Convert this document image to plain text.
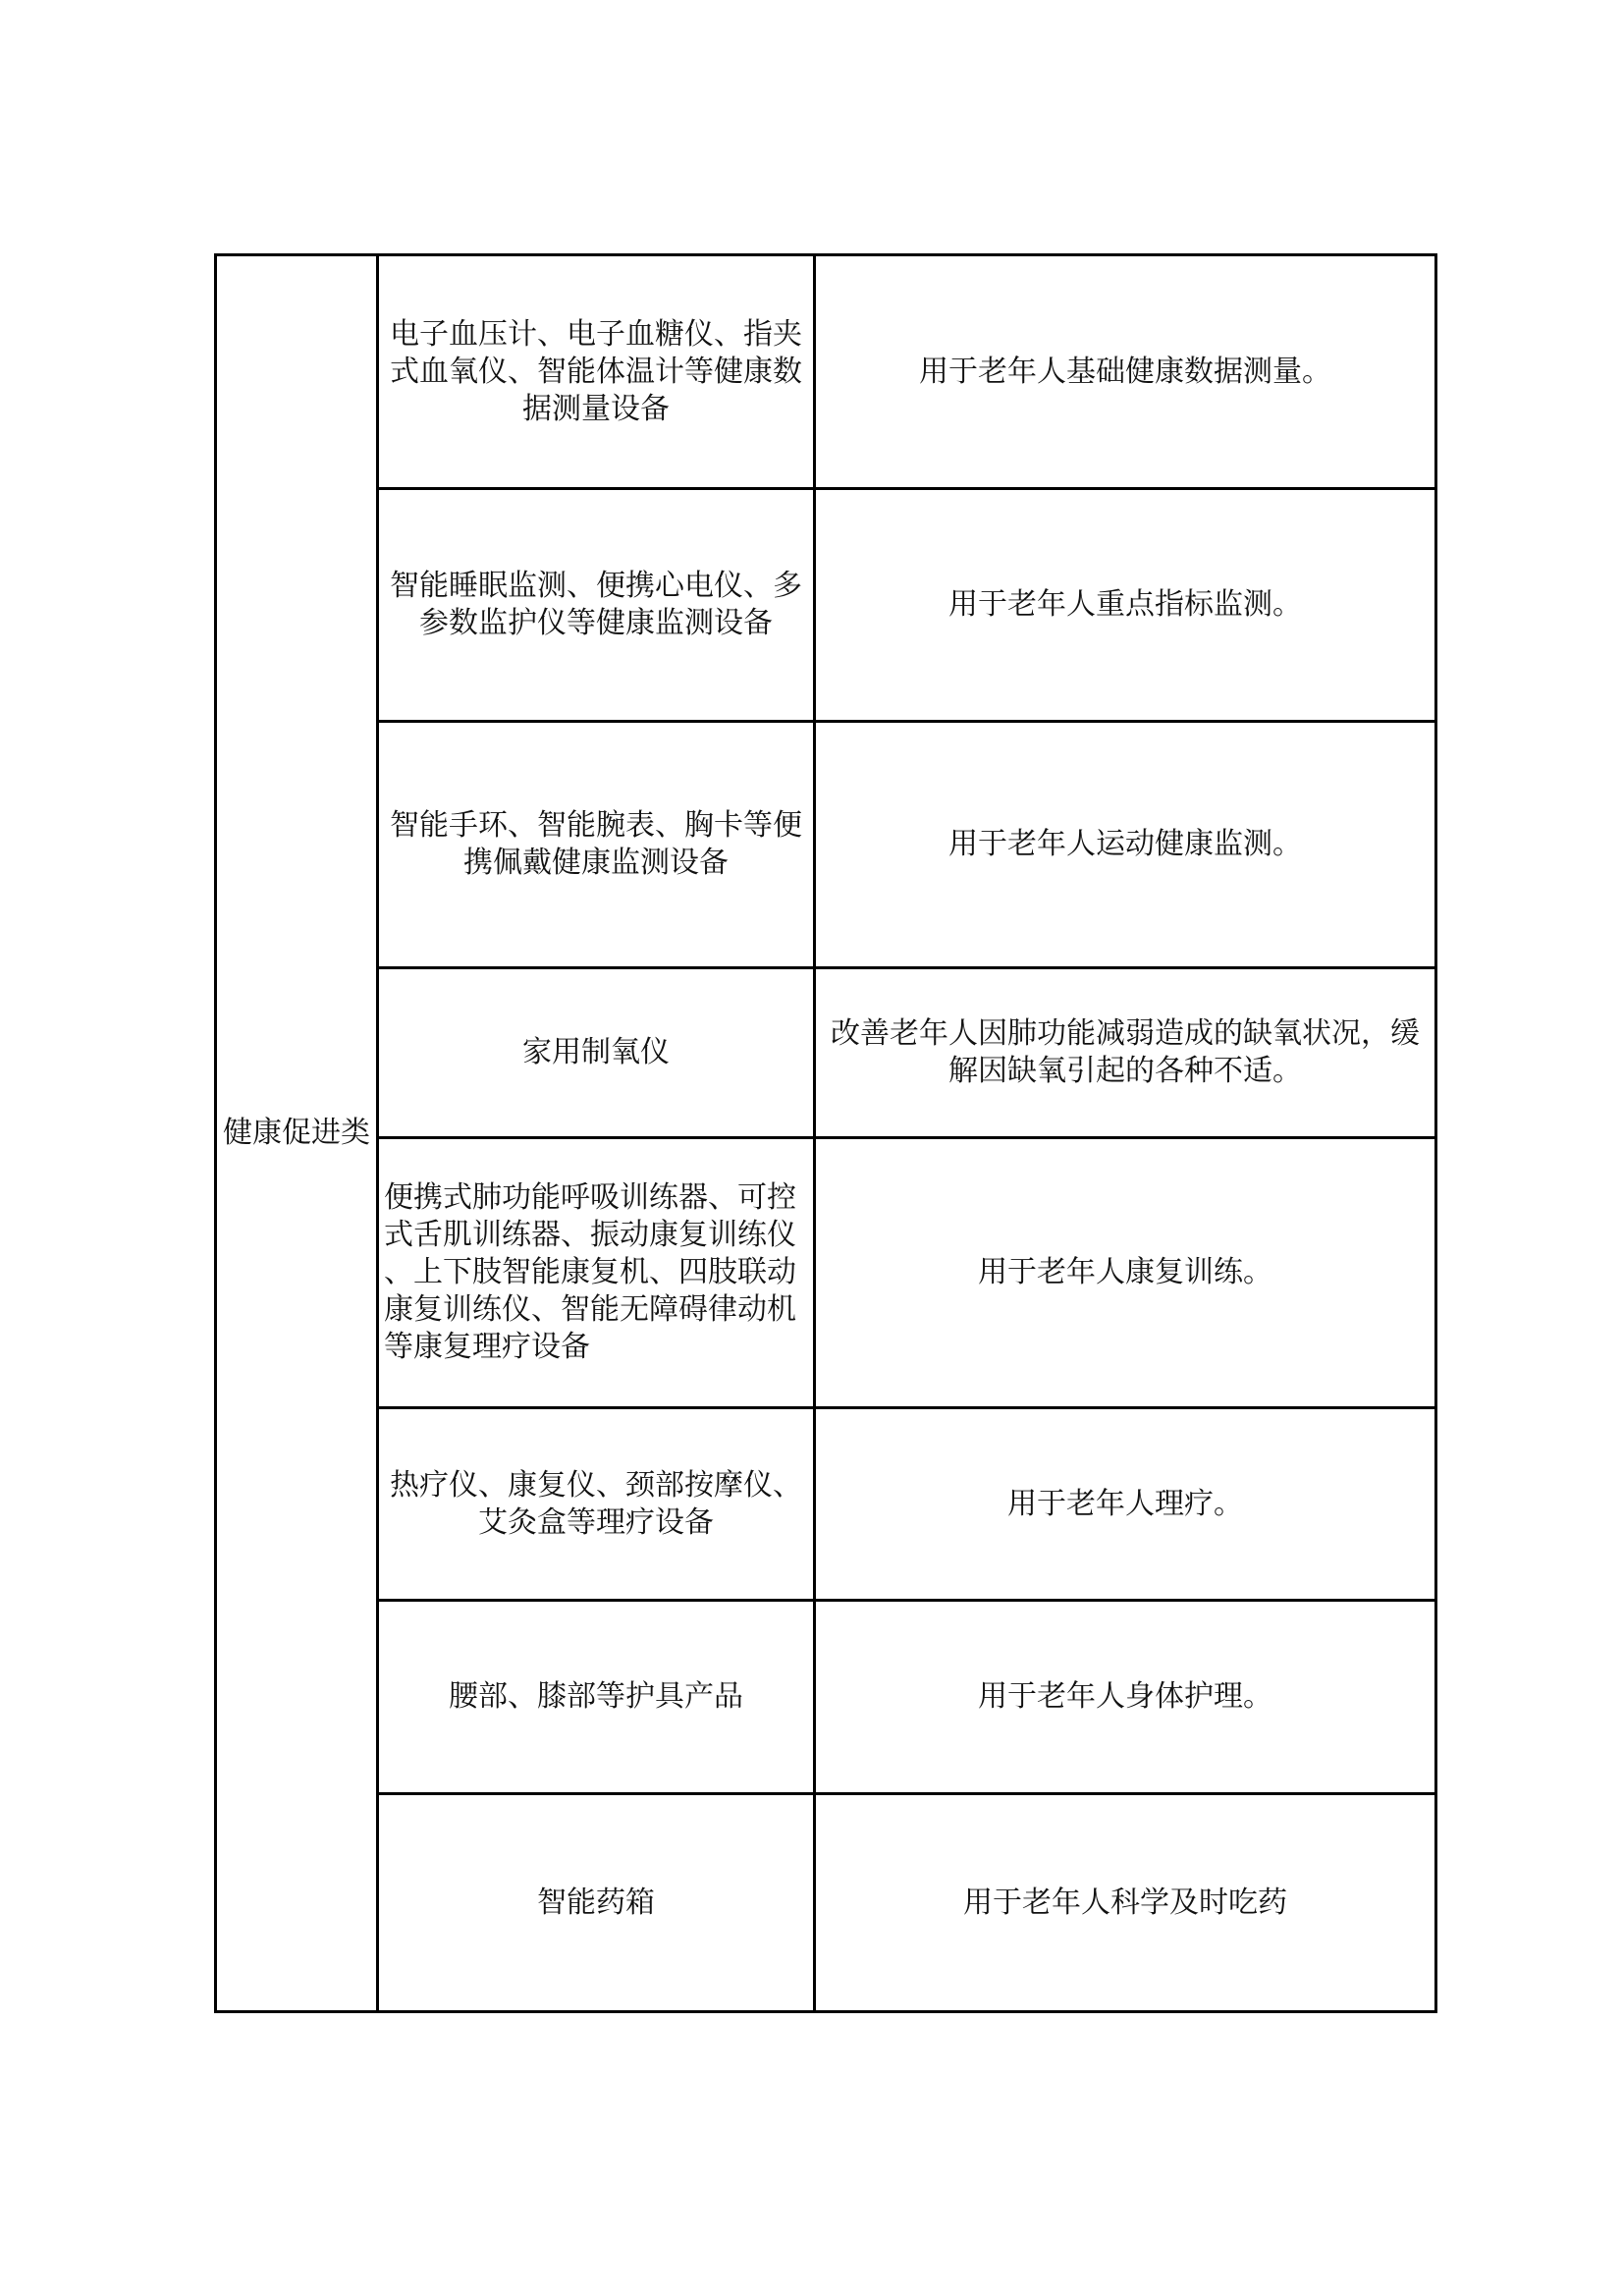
健康促进类	电子血压计、电子血糖仪、指夹
式血氧仪、智能体温计等健康数
据测量设备	用于老年人基础健康数据测量。

	智能睡眠监测、便携心电仪、多
参数监护仪等健康监测设备	用于老年人重点指标监测。

	智能手环、智能腕表、胸卡等便
携佩戴健康监测设备	用于老年人运动健康监测。

	家用制氧仪	改善老年人因肺功能减弱造成的缺氧状况，缓
解因缺氧引起的各种不适。

	便携式肺功能呼吸训练器、可控
式舌肌训练器、振动康复训练仪
、上下肢智能康复机、四肢联动
康复训练仪、智能无障碍律动机
等康复理疗设备	用于老年人康复训练。

	热疗仪、康复仪、颈部按摩仪、
艾灸盒等理疗设备	用于老年人理疗。

	腰部、膝部等护具产品	用于老年人身体护理。

	智能药箱	用于老年人科学及时吃药
